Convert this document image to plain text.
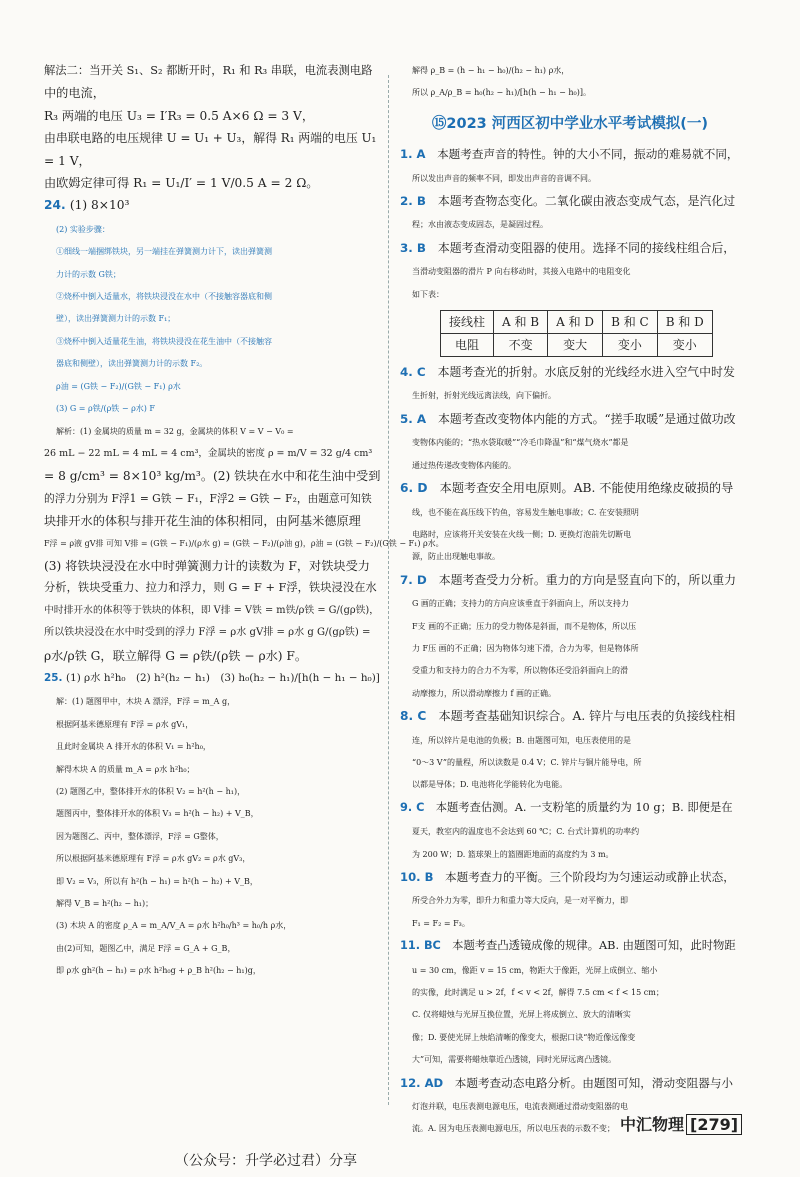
解法二：当开关 S₁、S₂ 都断开时，R₁ 和 R₃ 串联，电流表测电路
中的电流，
R₃ 两端的电压 U₃ = I′R₃ = 0.5 A×6 Ω = 3 V，
由串联电路的电压规律 U = U₁ + U₃，解得 R₁ 两端的电压 U₁
= 1 V，
由欧姆定律可得 R₁ = U₁/I′ = 1 V/0.5 A = 2 Ω。
24. (1) 8×10³
(2) 实验步骤：
①细线一端捆绑铁块，另一端挂在弹簧测力计下，读出弹簧测
力计的示数 G铁；
②烧杯中倒入适量水，将铁块浸没在水中（不接触容器底和侧
壁），读出弹簧测力计的示数 F₁；
③烧杯中倒入适量花生油，将铁块浸没在花生油中（不接触容
器底和侧壁），读出弹簧测力计的示数 F₂。
ρ油 = (G铁 − F₂)/(G铁 − F₁) ρ水
(3) G = ρ铁/(ρ铁 − ρ水) F
解析：(1) 金属块的质量 m = 32 g，金属块的体积 V = V − V₀ =
26 mL − 22 mL = 4 mL = 4 cm³，金属块的密度 ρ = m/V = 32 g/4 cm³
= 8 g/cm³ = 8×10³ kg/m³。(2) 铁块在水中和花生油中受到
的浮力分别为 F浮1 = G铁 − F₁，F浮2 = G铁 − F₂，由题意可知铁
块排开水的体积与排开花生油的体积相同，由阿基米德原理
F浮 = ρ液 gV排 可知 V排 = (G铁 − F₁)/(ρ水 g) = (G铁 − F₂)/(ρ油 g)，ρ油 = (G铁 − F₂)/(G铁 − F₁) ρ水。
(3) 将铁块浸没在水中时弹簧测力计的读数为 F，对铁块受力
分析，铁块受重力、拉力和浮力，则 G = F + F浮，铁块浸没在水
中时排开水的体积等于铁块的体积，即 V排 = V铁 = m铁/ρ铁 = G/(gρ铁)，
所以铁块浸没在水中时受到的浮力 F浮 = ρ水 gV排 = ρ水 g G/(gρ铁) =
ρ水/ρ铁 G，联立解得 G = ρ铁/(ρ铁 − ρ水) F。
25. (1) ρ水 h²h₀　(2) h²(h₂ − h₁)　(3) h₀(h₂ − h₁)/[h(h − h₁ − h₀)]
解：(1) 题图甲中，木块 A 漂浮，F浮 = m_A g，
根据阿基米德原理有 F浮 = ρ水 gV₁，
且此时金属块 A 排开水的体积 V₁ = h²h₀，
解得木块 A 的质量 m_A = ρ水 h²h₀；
(2) 题图乙中，整体排开水的体积 V₂ = h²(h − h₁)，
题图丙中，整体排开水的体积 V₃ = h²(h − h₂) + V_B，
因为题图乙、丙中，整体漂浮，F浮 = G整体，
所以根据阿基米德原理有 F浮 = ρ水 gV₂ = ρ水 gV₃，
即 V₂ = V₃，所以有 h²(h − h₁) = h²(h − h₂) + V_B，
解得 V_B = h²(h₂ − h₁)；
(3) 木块 A 的密度 ρ_A = m_A/V_A = ρ水 h²h₀/h³ = h₀/h ρ水，
由(2)可知，题图乙中，满足 F浮 = G_A + G_B，
即 ρ水 gh²(h − h₁) = ρ水 h²h₀g + ρ_B h²(h₂ − h₁)g，
解得 ρ_B = (h − h₁ − h₀)/(h₂ − h₁) ρ水，
所以 ρ_A/ρ_B = h₀(h₂ − h₁)/[h(h − h₁ − h₀)]。
⑮2023 河西区初中学业水平考试模拟(一)
1. A　本题考查声音的特性。钟的大小不同，振动的难易就不同，
所以发出声音的频率不同，即发出声音的音调不同。
2. B　本题考查物态变化。二氧化碳由液态变成气态，是汽化过
程；水由液态变成固态，是凝固过程。
3. B　本题考查滑动变阻器的使用。选择不同的接线柱组合后，
当滑动变阻器的滑片 P 向右移动时，其接入电路中的电阻变化
如下表：
接线柱	A 和 B	A 和 D	B 和 C	B 和 D
电阻	不变	变大	变小	变小
4. C　本题考查光的折射。水底反射的光线经水进入空气中时发
生折射，折射光线远离法线，向下偏折。
5. A　本题考查改变物体内能的方式。“搓手取暖”是通过做功改
变物体内能的；“热水袋取暖”“冷毛巾降温”和“煤气烧水”都是
通过热传递改变物体内能的。
6. D　本题考查安全用电原则。AB. 不能使用绝缘皮破损的导
线，也不能在高压线下钓鱼，容易发生触电事故；C. 在安装照明
电路时，应该将开关安装在火线一侧；D. 更换灯泡前先切断电
源，防止出现触电事故。
7. D　本题考查受力分析。重力的方向是竖直向下的，所以重力
G 画的正确；支持力的方向应该垂直于斜面向上，所以支持力
F支 画的不正确；压力的受力物体是斜面，而不是物体，所以压
力 F压 画的不正确；因为物体匀速下滑，合力为零，但是物体所
受重力和支持力的合力不为零，所以物体还受沿斜面向上的滑
动摩擦力，所以滑动摩擦力 f 画的正确。
8. C　本题考查基础知识综合。A. 锌片与电压表的负接线柱相
连，所以锌片是电池的负极；B. 由题图可知，电压表使用的是
“0～3 V”的量程，所以读数是 0.4 V；C. 锌片与铜片能导电，所
以都是导体；D. 电池将化学能转化为电能。
9. C　本题考查估测。A. 一支粉笔的质量约为 10 g；B. 即便是在
夏天，教室内的温度也不会达到 60 ℃；C. 台式计算机的功率约
为 200 W；D. 篮球架上的篮圈距地面的高度约为 3 m。
10. B　本题考查力的平衡。三个阶段均为匀速运动或静止状态，
所受合外力为零，即升力和重力等大反向，是一对平衡力，即
F₁ = F₂ = F₃。
11. BC　本题考查凸透镜成像的规律。AB. 由题图可知，此时物距
u = 30 cm，像距 v = 15 cm，物距大于像距，光屏上成倒立、缩小
的实像，此时满足 u > 2f，f < v < 2f，解得 7.5 cm < f < 15 cm；
C. 仅将蜡烛与光屏互换位置，光屏上将成倒立、放大的清晰实
像；D. 要使光屏上烛焰清晰的像变大，根据口诀“物近像远像变
大”可知，需要将蜡烛靠近凸透镜，同时光屏远离凸透镜。
12. AD　本题考查动态电路分析。由题图可知，滑动变阻器与小
灯泡并联，电压表测电源电压，电流表测通过滑动变阻器的电
流。A. 因为电压表测电源电压，所以电压表的示数不变； 中汇物理 [279]
（公众号：升学必过君）分享
